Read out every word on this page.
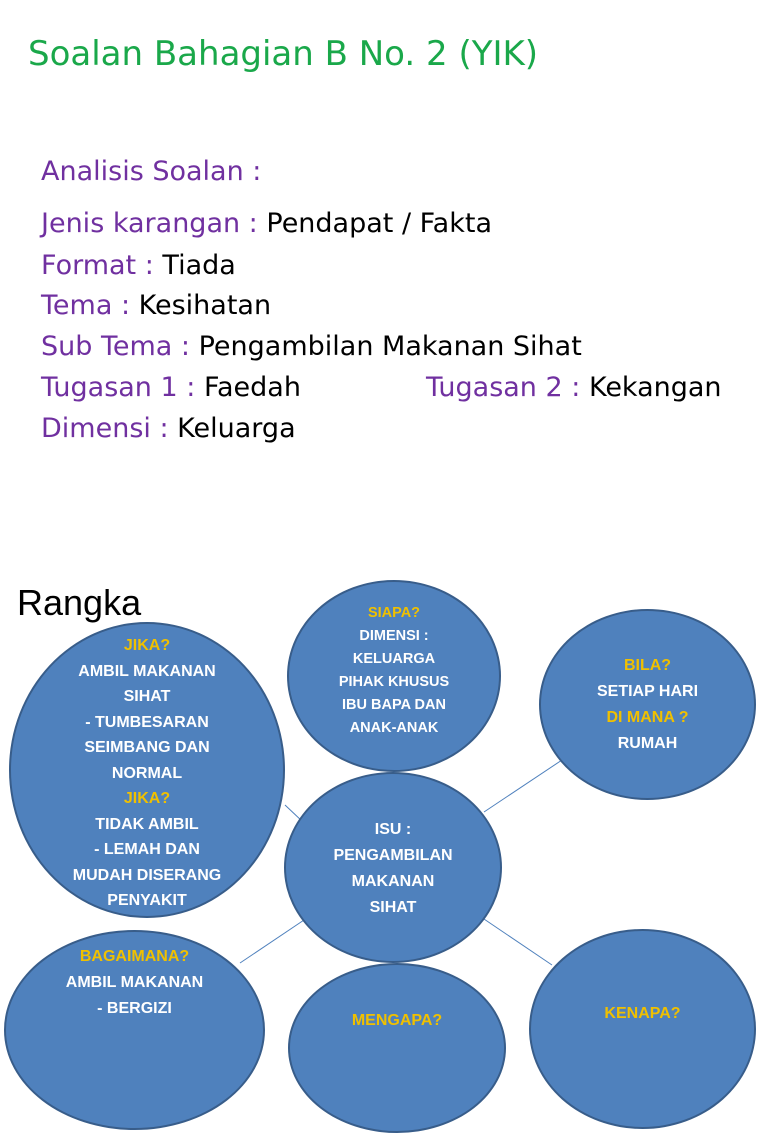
Soalan Bahagian B No. 2 (YIK)
Analisis Soalan :
Jenis karangan : Pendapat / Fakta
Format : Tiada
Tema : Kesihatan
Sub Tema : Pengambilan Makanan Sihat
Tugasan 1 : Faedah	Tugasan 2 : Kekangan
Dimensi : Keluarga
Rangka
JIKA?
AMBIL MAKANAN
SIHAT
- TUMBESARAN
SEIMBANG DAN
NORMAL
JIKA?
TIDAK AMBIL
- LEMAH DAN
MUDAH DISERANG
PENYAKIT
SIAPA?
DIMENSI :
KELUARGA
PIHAK KHUSUS
IBU BAPA DAN
ANAK-ANAK
BILA?
SETIAP HARI
DI MANA ?
RUMAH
ISU :
PENGAMBILAN
MAKANAN
SIHAT
BAGAIMANA?
AMBIL MAKANAN
- BERGIZI
MENGAPA?	KENAPA?
